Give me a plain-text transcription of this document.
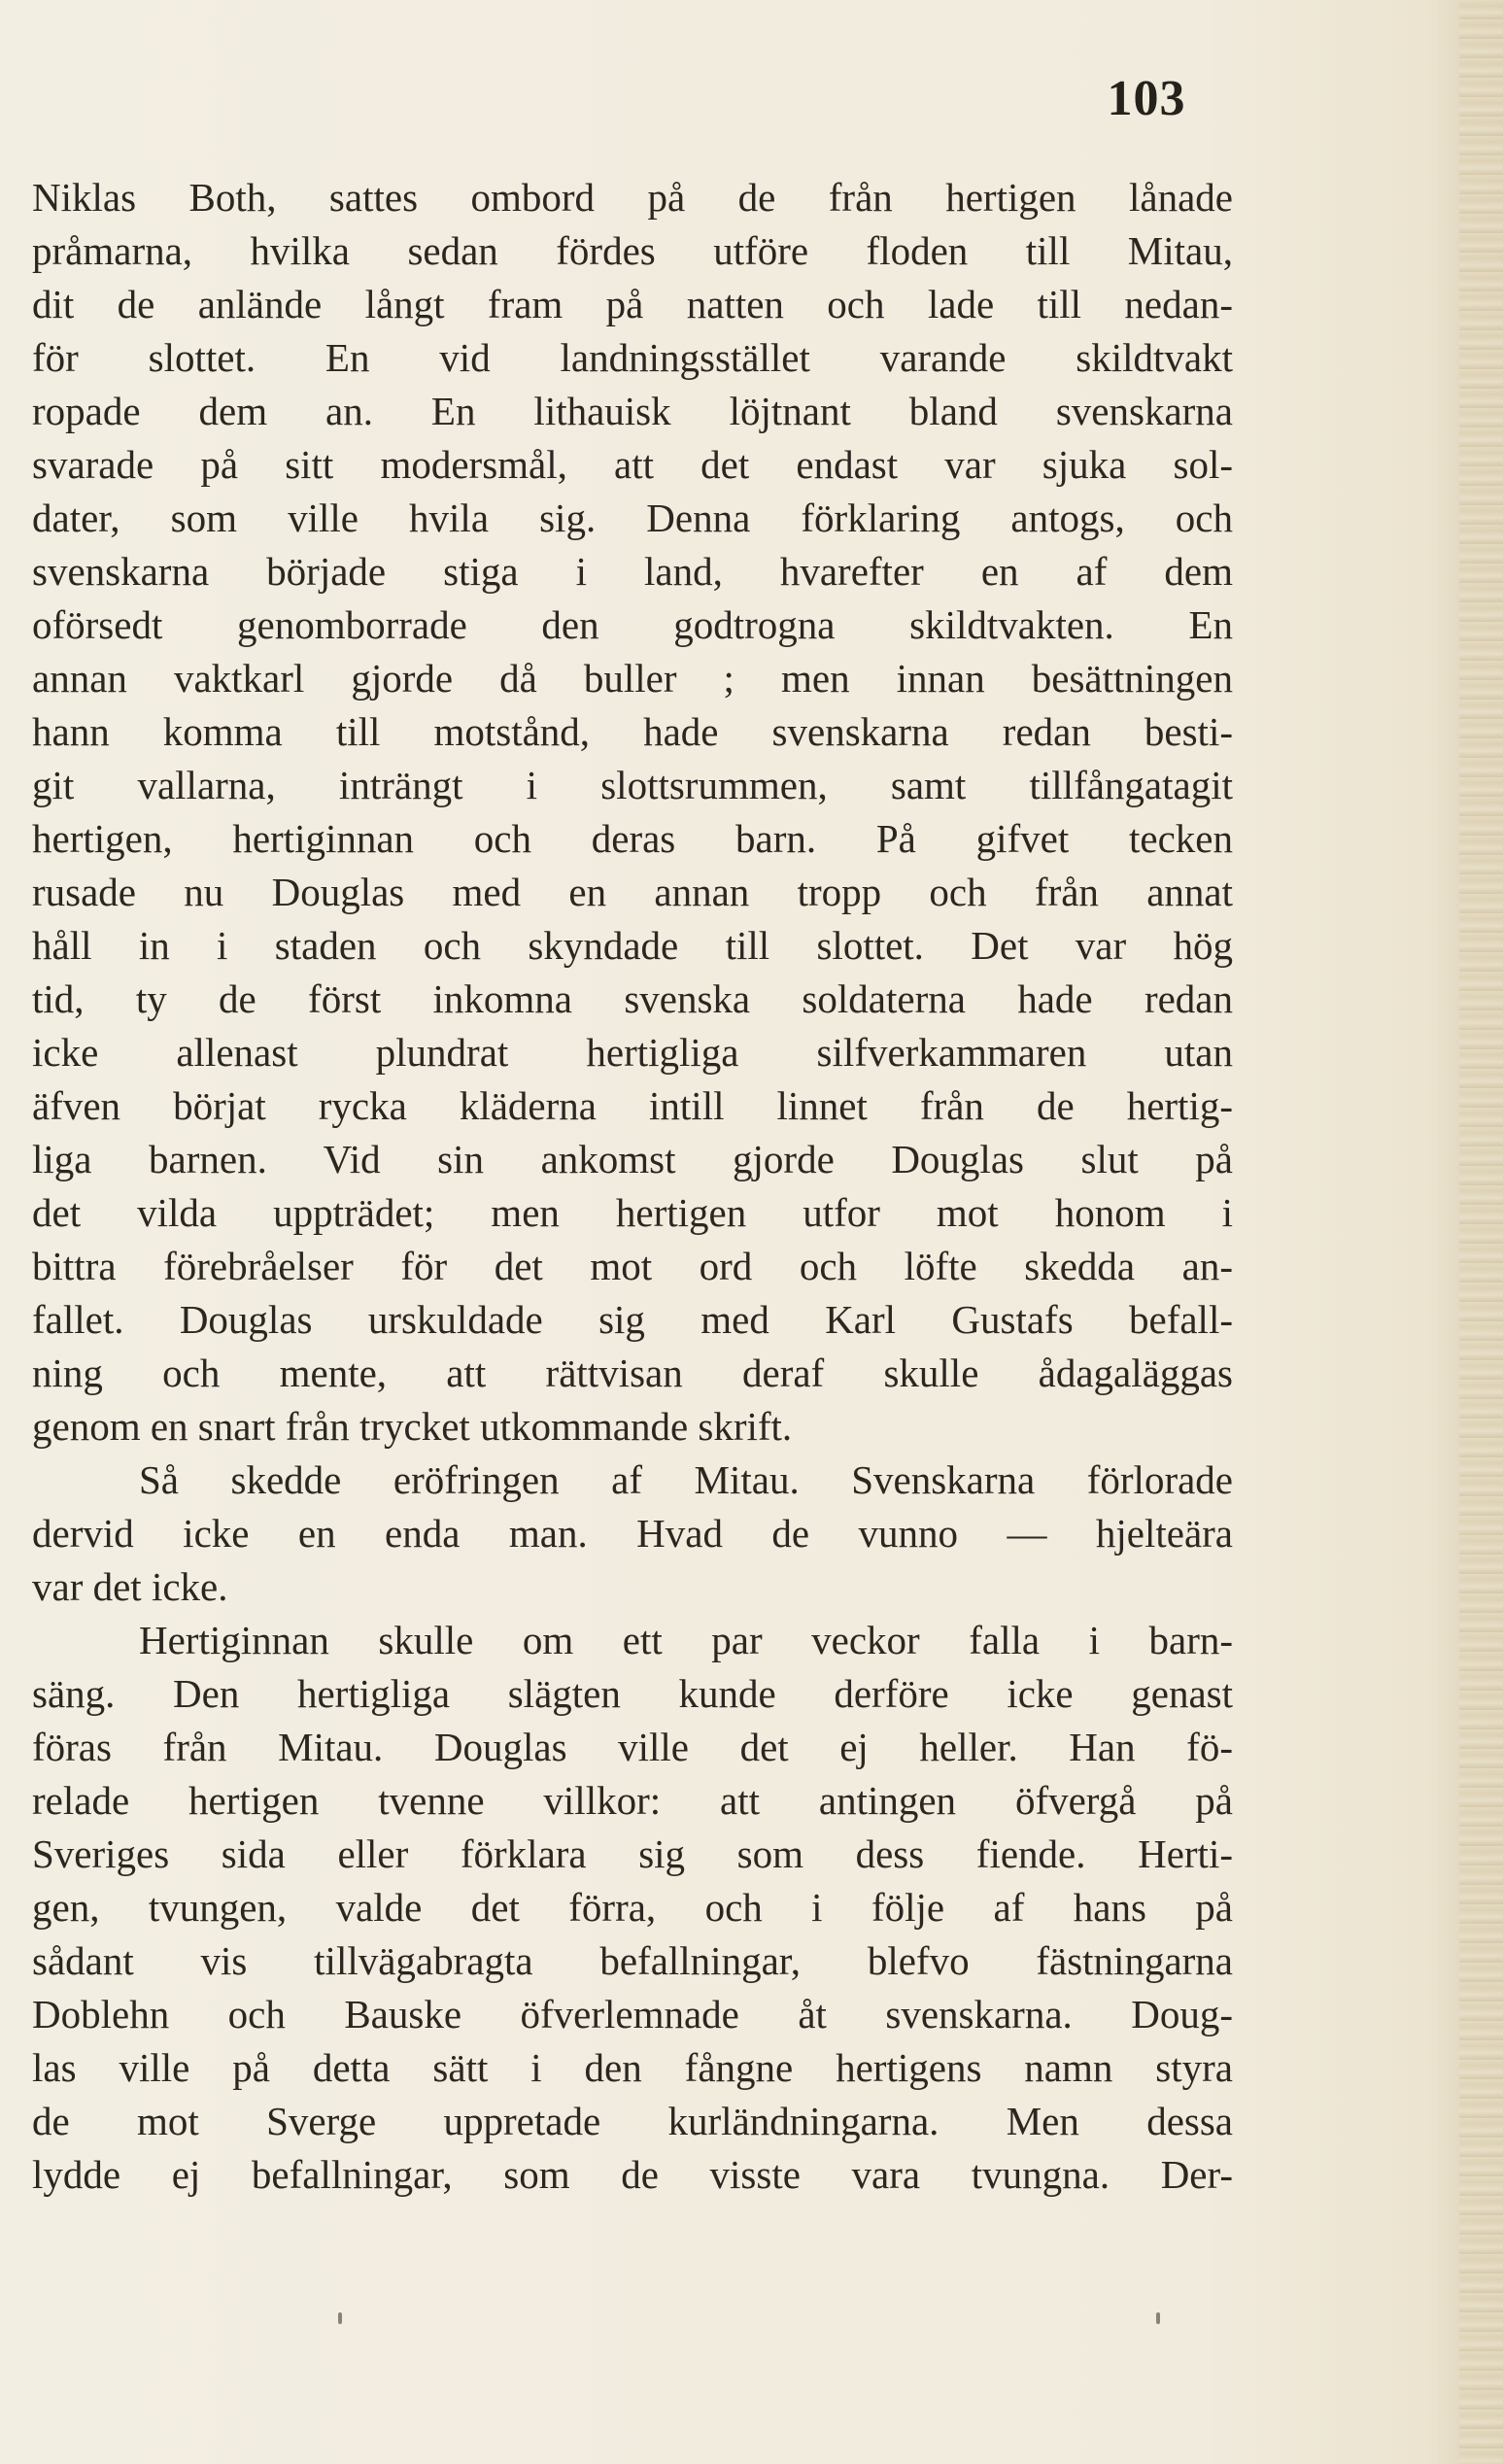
103
Niklas Both, sattes ombord på de från hertigen lånade
pråmarna, hvilka sedan fördes utföre floden till Mitau,
dit de anlände långt fram på natten och lade till nedan-
för slottet. En vid landningsstället varande skildtvakt
ropade dem an. En lithauisk löjtnant bland svenskarna
svarade på sitt modersmål, att det endast var sjuka sol-
dater, som ville hvila sig. Denna förklaring antogs, och
svenskarna började stiga i land, hvarefter en af dem
oförsedt genomborrade den godtrogna skildtvakten. En
annan vaktkarl gjorde då buller ; men innan besättningen
hann komma till motstånd, hade svenskarna redan besti-
git vallarna, inträngt i slottsrummen, samt tillfångatagit
hertigen, hertiginnan och deras barn. På gifvet tecken
rusade nu Douglas med en annan tropp och från annat
håll in i staden och skyndade till slottet. Det var hög
tid, ty de först inkomna svenska soldaterna hade redan
icke allenast plundrat hertigliga silfverkammaren utan
äfven börjat rycka kläderna intill linnet från de hertig-
liga barnen. Vid sin ankomst gjorde Douglas slut på
det vilda uppträdet; men hertigen utfor mot honom i
bittra förebråelser för det mot ord och löfte skedda an-
fallet. Douglas urskuldade sig med Karl Gustafs befall-
ning och mente, att rättvisan deraf skulle ådagaläggas
genom en snart från trycket utkommande skrift.
Så skedde eröfringen af Mitau. Svenskarna förlorade
dervid icke en enda man. Hvad de vunno — hjelteära
var det icke.
Hertiginnan skulle om ett par veckor falla i barn-
säng. Den hertigliga slägten kunde derföre icke genast
föras från Mitau. Douglas ville det ej heller. Han fö-
relade hertigen tvenne villkor: att antingen öfvergå på
Sveriges sida eller förklara sig som dess fiende. Herti-
gen, tvungen, valde det förra, och i följe af hans på
sådant vis tillvägabragta befallningar, blefvo fästningarna
Doblehn och Bauske öfverlemnade åt svenskarna. Doug-
las ville på detta sätt i den fångne hertigens namn styra
de mot Sverge uppretade kurländningarna. Men dessa
lydde ej befallningar, som de visste vara tvungna. Der-
